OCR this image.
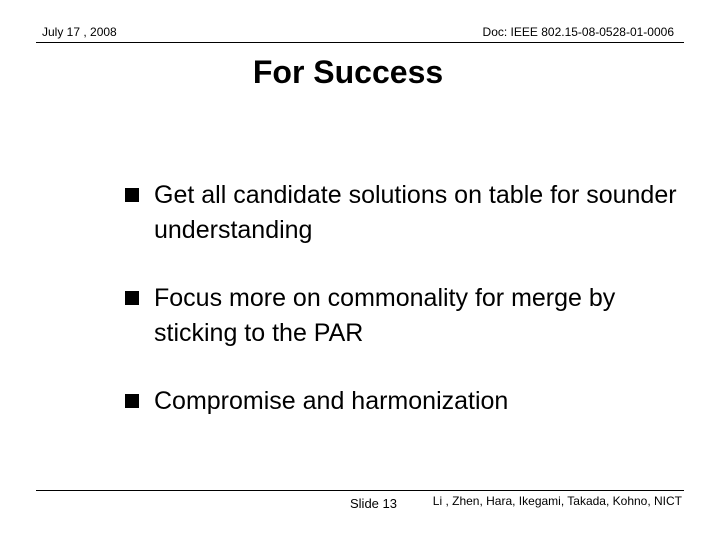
July 17 , 2008	Doc: IEEE 802.15-08-0528-01-0006
For Success
Get all candidate solutions on table for sounder understanding
Focus more on commonality for merge by sticking to the PAR
Compromise and harmonization
Slide 13	Li , Zhen, Hara, Ikegami, Takada, Kohno, NICT
